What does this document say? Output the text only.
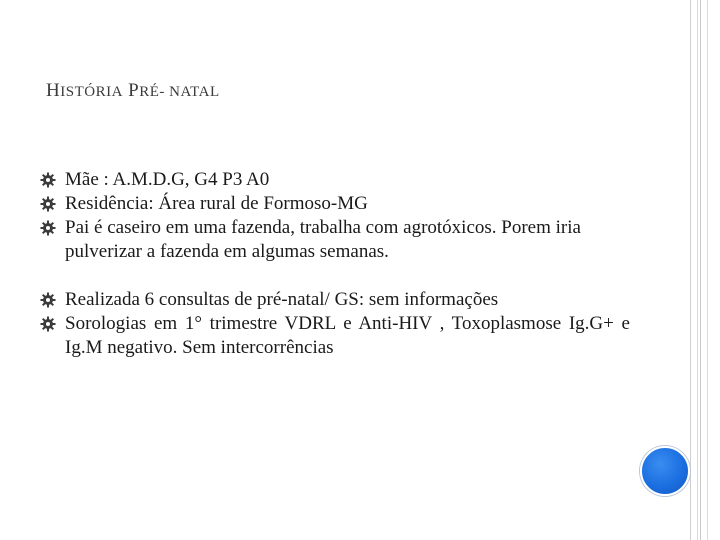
HISTÓRIA PRÉ- NATAL
Mãe : A.M.D.G, G4 P3 A0
Residência: Área rural de Formoso-MG
Pai é caseiro em uma fazenda, trabalha com agrotóxicos. Porem iria pulverizar a fazenda em algumas semanas.
Realizada 6 consultas de pré-natal/ GS: sem informações
Sorologias em 1° trimestre VDRL e Anti-HIV , Toxoplasmose Ig.G+ e Ig.M negativo. Sem intercorrências
